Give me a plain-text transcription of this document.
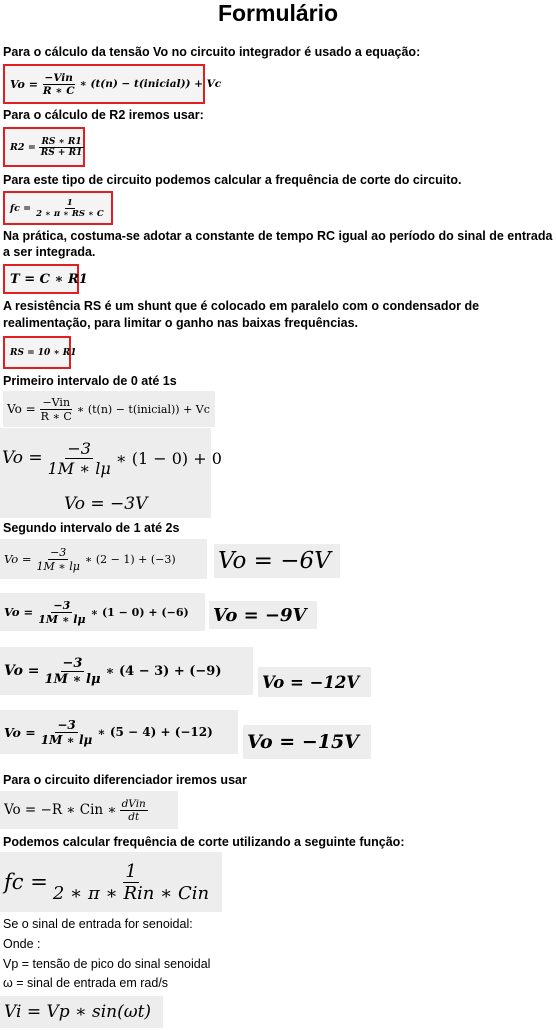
Formulário
Para o cálculo da tensão Vo no circuito integrador é usado a equação:
$Vo = \frac{\text{−Vin}}{R ∗ C}$ ∗ (t(n) − t(inicial)) + Vc
Para o cálculo de R2 iremos usar:
$R2 = \frac{RS ∗ R1}{RS + R1}$
Para este tipo de circuito podemos calcular a frequência de corte do circuito.
fc = $\frac{1}{2 ∗ \pi ∗ RS ∗ C}$
Na prática, costuma-se adotar a constante de tempo RC igual ao período do sinal de entrada
a ser integrada.
T = C ∗ R1
A resistência RS é um shunt que é colocado em paralelo com o condensador de
realimentação, para limitar o ganho nas baixas frequências.
RS = 10 ∗ R1
Primeiro intervalo de 0 até 1s
$Vo = \frac{\text{−Vin}}{R ∗ C}$ ∗ (t(n) − t(inicial)) + Vc
$Vo = \frac{-3}{1M ∗ l\mu}$ ∗ (1 − 0) + 0
Vo = −3V
Segundo intervalo de 1 até 2s
$Vo = \frac{-3}{1M ∗ l\mu}$ ∗ (2 − 1) + (−3) Vo = −6V
$Vo = \frac{-3}{1M ∗ l\mu}$ ∗ (1 − 0) + (−6) Vo = −9V
$Vo = \frac{-3}{1M ∗ l\mu}$ ∗ (4 − 3) + (−9)
Vo = −12V
$Vo = \frac{-3}{1M ∗ l\mu}$ ∗ (5 − 4) + (−12) Vo = −15V
Para o circuito diferenciador iremos usar
Vo = −R ∗ Cin ∗ $\frac{\text{dVin}}{dt}$
Podemos calcular frequência de corte utilizando a seguinte função:
fc = $\frac{1}{\text{2 ∗ π ∗ Rin ∗ Cin}}$
Se o sinal de entrada for senoidal:
Onde :
Vp = tensão de pico do sinal senoidal
ω = sinal de entrada em rad/s
Vi = Vp ∗ sin(ωt)
